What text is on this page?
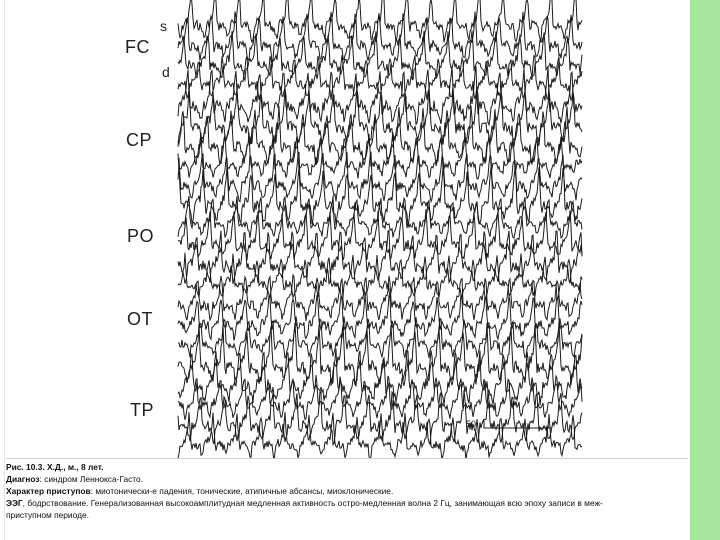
FC
CP
PO
OT
TP
s
d
50

Рис. 10.3. Х.Д., м., 8 лет.

Диагноз: синдром Леннокса-Гасто.

Характер приступов: миотонически-е падения, тонические, атипичные абсансы, миоклонические.

ЭЭГ, бодрствование. Генерализованная высокоамплитудная медленная активность остро-медленная волна 2 Гц, занимающая всю эпоху записи в меж-
приступном периоде.
